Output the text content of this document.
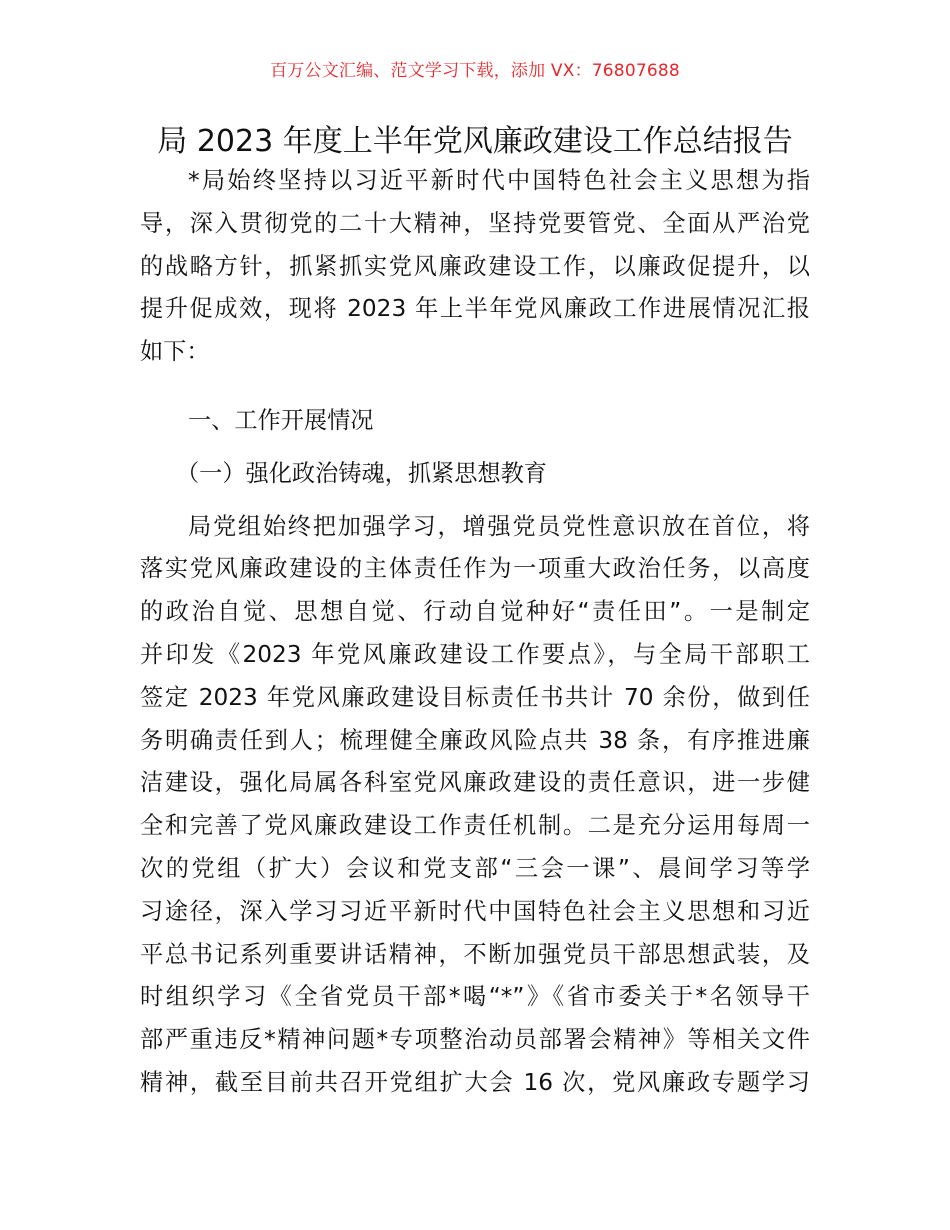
百万公文汇编、范文学习下载，添加 VX：76807688
局 2023 年度上半年党风廉政建设工作总结报告
*局始终坚持以习近平新时代中国特色社会主义思想为指
导，深入贯彻党的二十大精神，坚持党要管党、全面从严治党
的战略方针，抓紧抓实党风廉政建设工作，以廉政促提升，以
提升促成效，现将 2023 年上半年党风廉政工作进展情况汇报
如下：
一、工作开展情况
（一）强化政治铸魂，抓紧思想教育
局党组始终把加强学习，增强党员党性意识放在首位，将
落实党风廉政建设的主体责任作为一项重大政治任务，以高度
的政治自觉、思想自觉、行动自觉种好“责任田”。一是制定
并印发《2023 年党风廉政建设工作要点》，与全局干部职工
签定 2023 年党风廉政建设目标责任书共计 70 余份，做到任
务明确责任到人；梳理健全廉政风险点共 38 条，有序推进廉
洁建设，强化局属各科室党风廉政建设的责任意识，进一步健
全和完善了党风廉政建设工作责任机制。二是充分运用每周一
次的党组（扩大）会议和党支部“三会一课”、晨间学习等学
习途径，深入学习习近平新时代中国特色社会主义思想和习近
平总书记系列重要讲话精神，不断加强党员干部思想武装，及
时组织学习《全省党员干部*喝“*”》《省市委关于*名领导干
部严重违反*精神问题*专项整治动员部署会精神》等相关文件
精神，截至目前共召开党组扩大会 16 次，党风廉政专题学习
